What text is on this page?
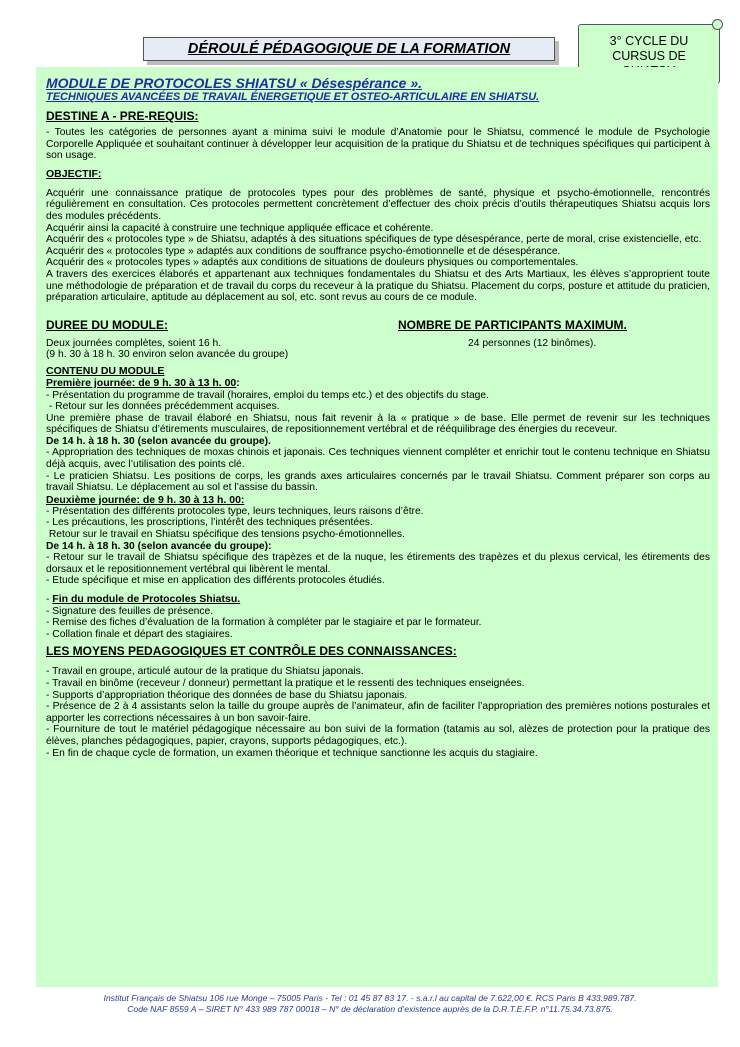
DÉROULÉ PÉDAGOGIQUE DE LA FORMATION	3° CYCLE DU
CURSUS DE
MODULE DE PROTOCOLES SHIATSU « Désespérance ».
TECHNIQUES AVANCÉES DE TRAVAIL ÉNERGETIQUE ET OSTEO-ARTICULAIRE EN SHIATSU.
DESTINE A - PRE-REQUIS:

- Toutes les catégories de personnes ayant a minima suivi le module d’Anatomie pour le Shiatsu, commencé le module de Psychologie Corporelle Appliquée et souhaitant continuer à développer leur acquisition de la pratique du Shiatsu et de techniques spécifiques qui participent à son usage.

OBJECTIF:

Acquérir une connaissance pratique de protocoles types pour des problèmes de santé, physique et psycho-émotionnelle, rencontrés régulièrement en consultation. Ces protocoles permettent concrètement d’effectuer des choix précis d’outils thérapeutiques Shiatsu acquis lors des modules précédents.

Acquérir ainsi la capacité à construire une technique appliquée efficace et cohérente.

Acquérir des « protocoles type » de Shiatsu, adaptés à des situations spécifiques de type désespérance, perte de moral, crise existencielle, etc.

Acquérir des « protocoles type » adaptés aux conditions de souffrance psycho-émotionnelle et de désespérance.

Acquérir des « protocoles types » adaptés aux conditions de situations de douleurs physiques ou comportementales.

A travers des exercices élaborés et appartenant aux techniques fondamentales du Shiatsu et des Arts Martiaux, les élèves s’approprient toute une méthodologie de préparation et de travail du corps du receveur à la pratique du Shiatsu. Placement du corps, posture et attitude du praticien, préparation articulaire, aptitude au déplacement au sol, etc. sont revus au cours de ce module.

DUREE DU MODULE:
Deux journées complètes, soient 16 h.
(9 h. 30 à 18 h. 30 environ selon avancée du groupe)
NOMBRE DE PARTICIPANTS MAXIMUM.
24 personnes (12 binômes).
CONTENU DU MODULE
Première journée: de 9 h. 30 à 13 h. 00:

- Présentation du programme de travail (horaires, emploi du temps etc.) et des objectifs du stage.

- Retour sur les données précédemment acquises.

Une première phase de travail élaboré en Shiatsu, nous fait revenir à la « pratique » de base. Elle permet de revenir sur les techniques spécifiques de Shiatsu d’étirements musculaires, de repositionnement vertébral et de rééquilibrage des énergies du receveur.

De 14 h. à 18 h. 30 (selon avancée du groupe).

- Appropriation des techniques de moxas chinois et japonais. Ces techniques viennent compléter et enrichir tout le contenu technique en Shiatsu déjà acquis, avec l’utilisation des points clé.

- Le praticien Shiatsu. Les positions de corps, les grands axes articulaires concernés par le travail Shiatsu. Comment préparer son corps au travail Shiatsu. Le déplacement au sol et l’assise du bassin.

Deuxième journée: de 9 h. 30 à 13 h. 00:

- Présentation des différents protocoles type, leurs techniques, leurs raisons d’être.

- Les précautions, les proscriptions, l’intérêt des techniques présentées.

Retour sur le travail en Shiatsu spécifique des tensions psycho-émotionnelles.

De 14 h. à 18 h. 30 (selon avancée du groupe):

- Retour sur le travail de Shiatsu spécifique des trapèzes et de la nuque, les étirements des trapèzes et du plexus cervical, les étirements des dorsaux et le repositionnement vertébral qui libèrent le mental.

- Etude spécifique et mise en application des différents protocoles étudiés.

- Fin du module de Protocoles Shiatsu.

- Signature des feuilles de présence.

- Remise des fiches d’évaluation de la formation à compléter par le stagiaire et par le formateur.

- Collation finale et départ des stagiaires.

LES MOYENS PEDAGOGIQUES ET CONTRÔLE DES CONNAISSANCES:

- Travail en groupe, articulé autour de la pratique du Shiatsu japonais.

- Travail en binôme (receveur / donneur) permettant la pratique et le ressenti des techniques enseignées.

- Supports d’appropriation théorique des données de base du Shiatsu japonais.

- Présence de 2 à 4 assistants selon la taille du groupe auprès de l’animateur, afin de faciliter l’appropriation des premières notions posturales et apporter les corrections nécessaires à un bon savoir-faire.

- Fourniture de tout le matériel pédagogique nécessaire au bon suivi de la formation (tatamis au sol, alèzes de protection pour la pratique des élèves, planches pédagogiques, papier, crayons, supports pédagogiques, etc.).

- En fin de chaque cycle de formation, un examen théorique et technique sanctionne les acquis du stagiaire.

Institut Français de Shiatsu 106 rue Monge – 75005 Paris - Tel : 01 45 87 83 17. - s.a.r.l au capital de 7.622,00 €. RCS Paris B 433.989.787.
Code NAF 8559 A – SIRET N° 433 989 787 00018 – N° de déclaration d’existence auprès de la D.R.T.E.F.P. n°11.75.34.73.875.
